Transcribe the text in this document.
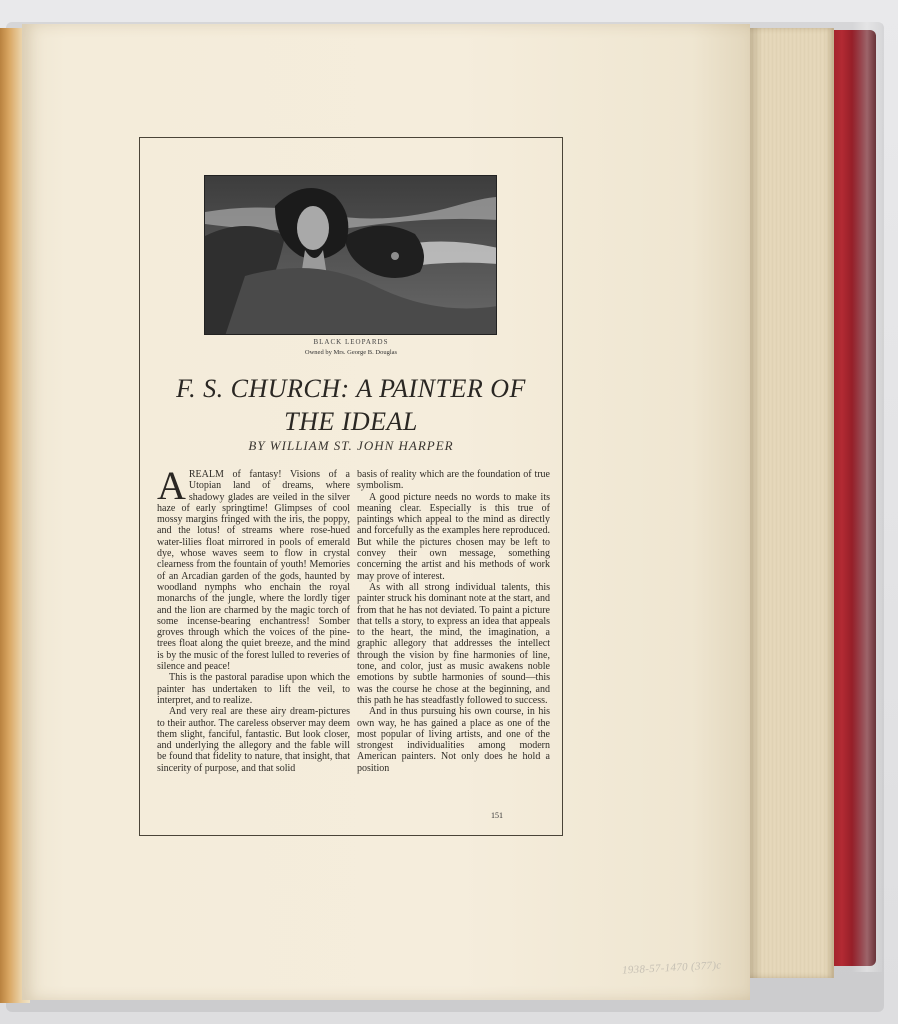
BLACK LEOPARDS
Owned by Mrs. George B. Douglas
F. S. CHURCH: A PAINTER OF
THE IDEAL
BY WILLIAM ST. JOHN HARPER

AREALM of fantasy! Visions of a Utopian land of dreams, where shadowy glades are veiled in the silver haze of early springtime! Glimpses of cool mossy margins fringed with the iris, the poppy, and the lotus! of streams where rose-hued water-lilies float mirrored in pools of emerald dye, whose waves seem to flow in crystal clearness from the fountain of youth! Memories of an Arcadian garden of the gods, haunted by woodland nymphs who enchain the royal monarchs of the jungle, where the lordly tiger and the lion are charmed by the magic torch of some incense-bearing enchantress! Somber groves through which the voices of the pine-trees float along the quiet breeze, and the mind is by the music of the forest lulled to reveries of silence and peace!

This is the pastoral paradise upon which the painter has undertaken to lift the veil, to interpret, and to realize.

And very real are these airy dream-pictures to their author. The careless observer may deem them slight, fanciful, fantastic. But look closer, and underlying the allegory and the fable will be found that fidelity to nature, that insight, that sincerity of purpose, and that solid

basis of reality which are the foundation of true symbolism.

A good picture needs no words to make its meaning clear. Especially is this true of paintings which appeal to the mind as directly and forcefully as the examples here reproduced. But while the pictures chosen may be left to convey their own message, something concerning the artist and his methods of work may prove of interest.

As with all strong individual talents, this painter struck his dominant note at the start, and from that he has not deviated. To paint a picture that tells a story, to express an idea that appeals to the heart, the mind, the imagination, a graphic allegory that addresses the intellect through the vision by fine harmonies of line, tone, and color, just as music awakens noble emotions by subtle harmonies of sound—this was the course he chose at the beginning, and this path he has steadfastly followed to success.

And in thus pursuing his own course, in his own way, he has gained a place as one of the most popular of living artists, and one of the strongest individualities among modern American painters. Not only does he hold a position

151
1938-57-1470 (377)c
